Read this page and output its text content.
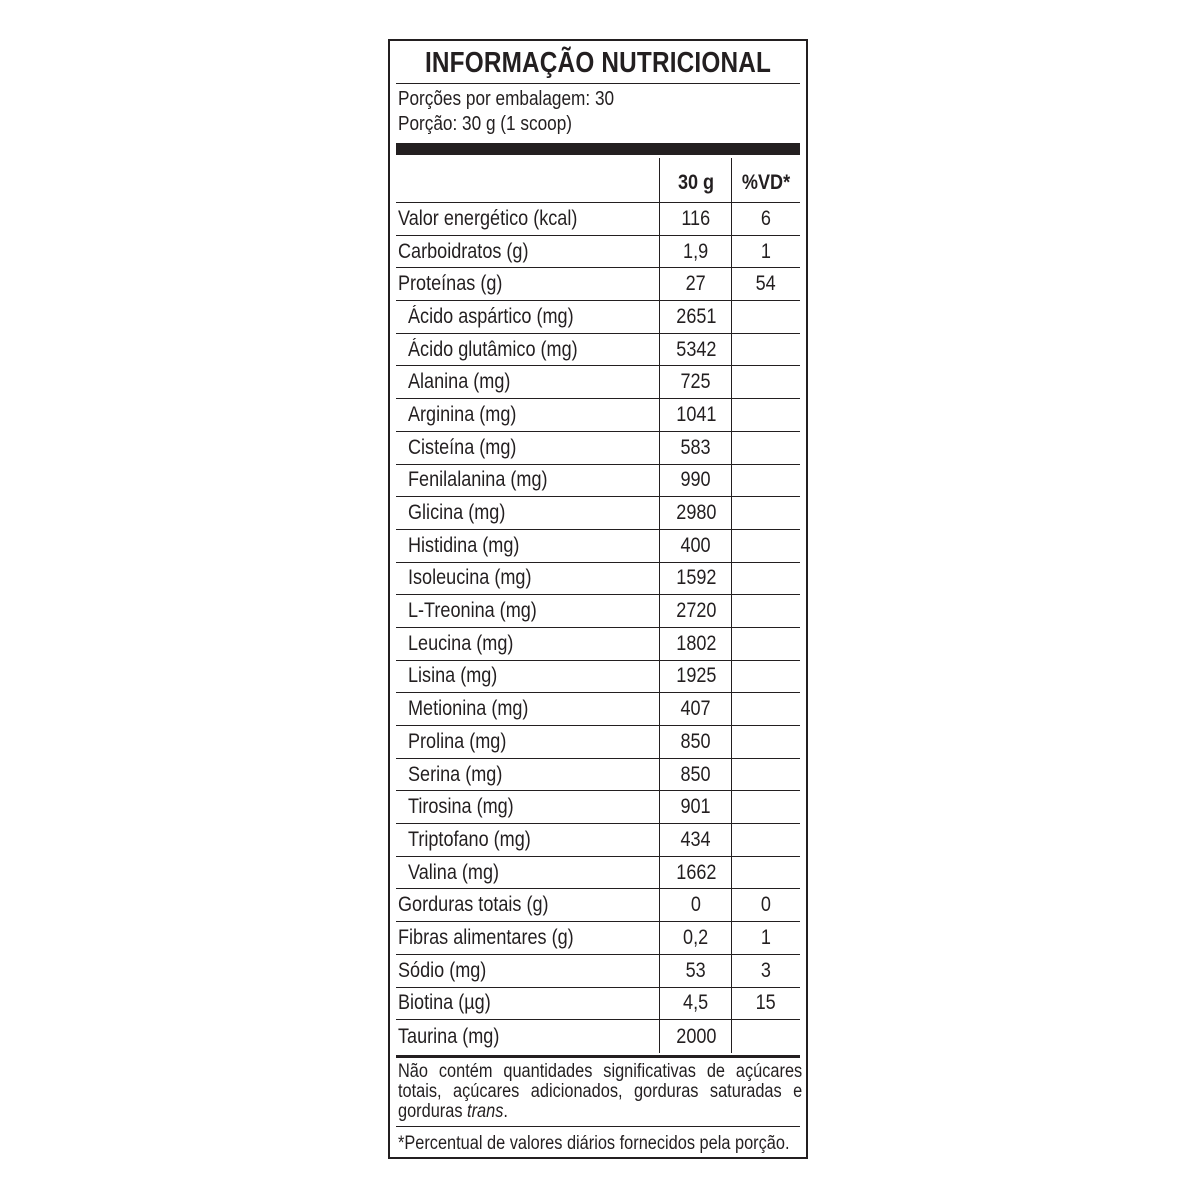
INFORMAÇÃO NUTRICIONAL
Porções por embalagem: 30
Porção: 30 g (1 scoop)
30 g %VD*
Valor energético (kcal)	116 6
Carboidratos (g)	1,9 1
Proteínas (g)	27 54
Ácido aspártico (mg)	2651
Ácido glutâmico (mg)	5342
Alanina (mg)	725
Arginina (mg)	1041
Cisteína (mg)	583
Fenilalanina (mg)	990
Glicina (mg)	2980
Histidina (mg)	400
Isoleucina (mg)	1592
L-Treonina (mg)	2720
Leucina (mg)	1802
Lisina (mg)	1925
Metionina (mg)	407
Prolina (mg)	850
Serina (mg)	850
Tirosina (mg)	901
Triptofano (mg)	434
Valina (mg)	1662
Gorduras totais (g)	0	0
Fibras alimentares (g)	0,2 1
Sódio (mg)	53	3
Biotina (µg)	4,5 15
Taurina (mg)	2000
Não contém quantidades significativas de açúcares totais, açúcares adicionados, gorduras saturadas e gorduras trans.
*Percentual de valores diários fornecidos pela porção.
